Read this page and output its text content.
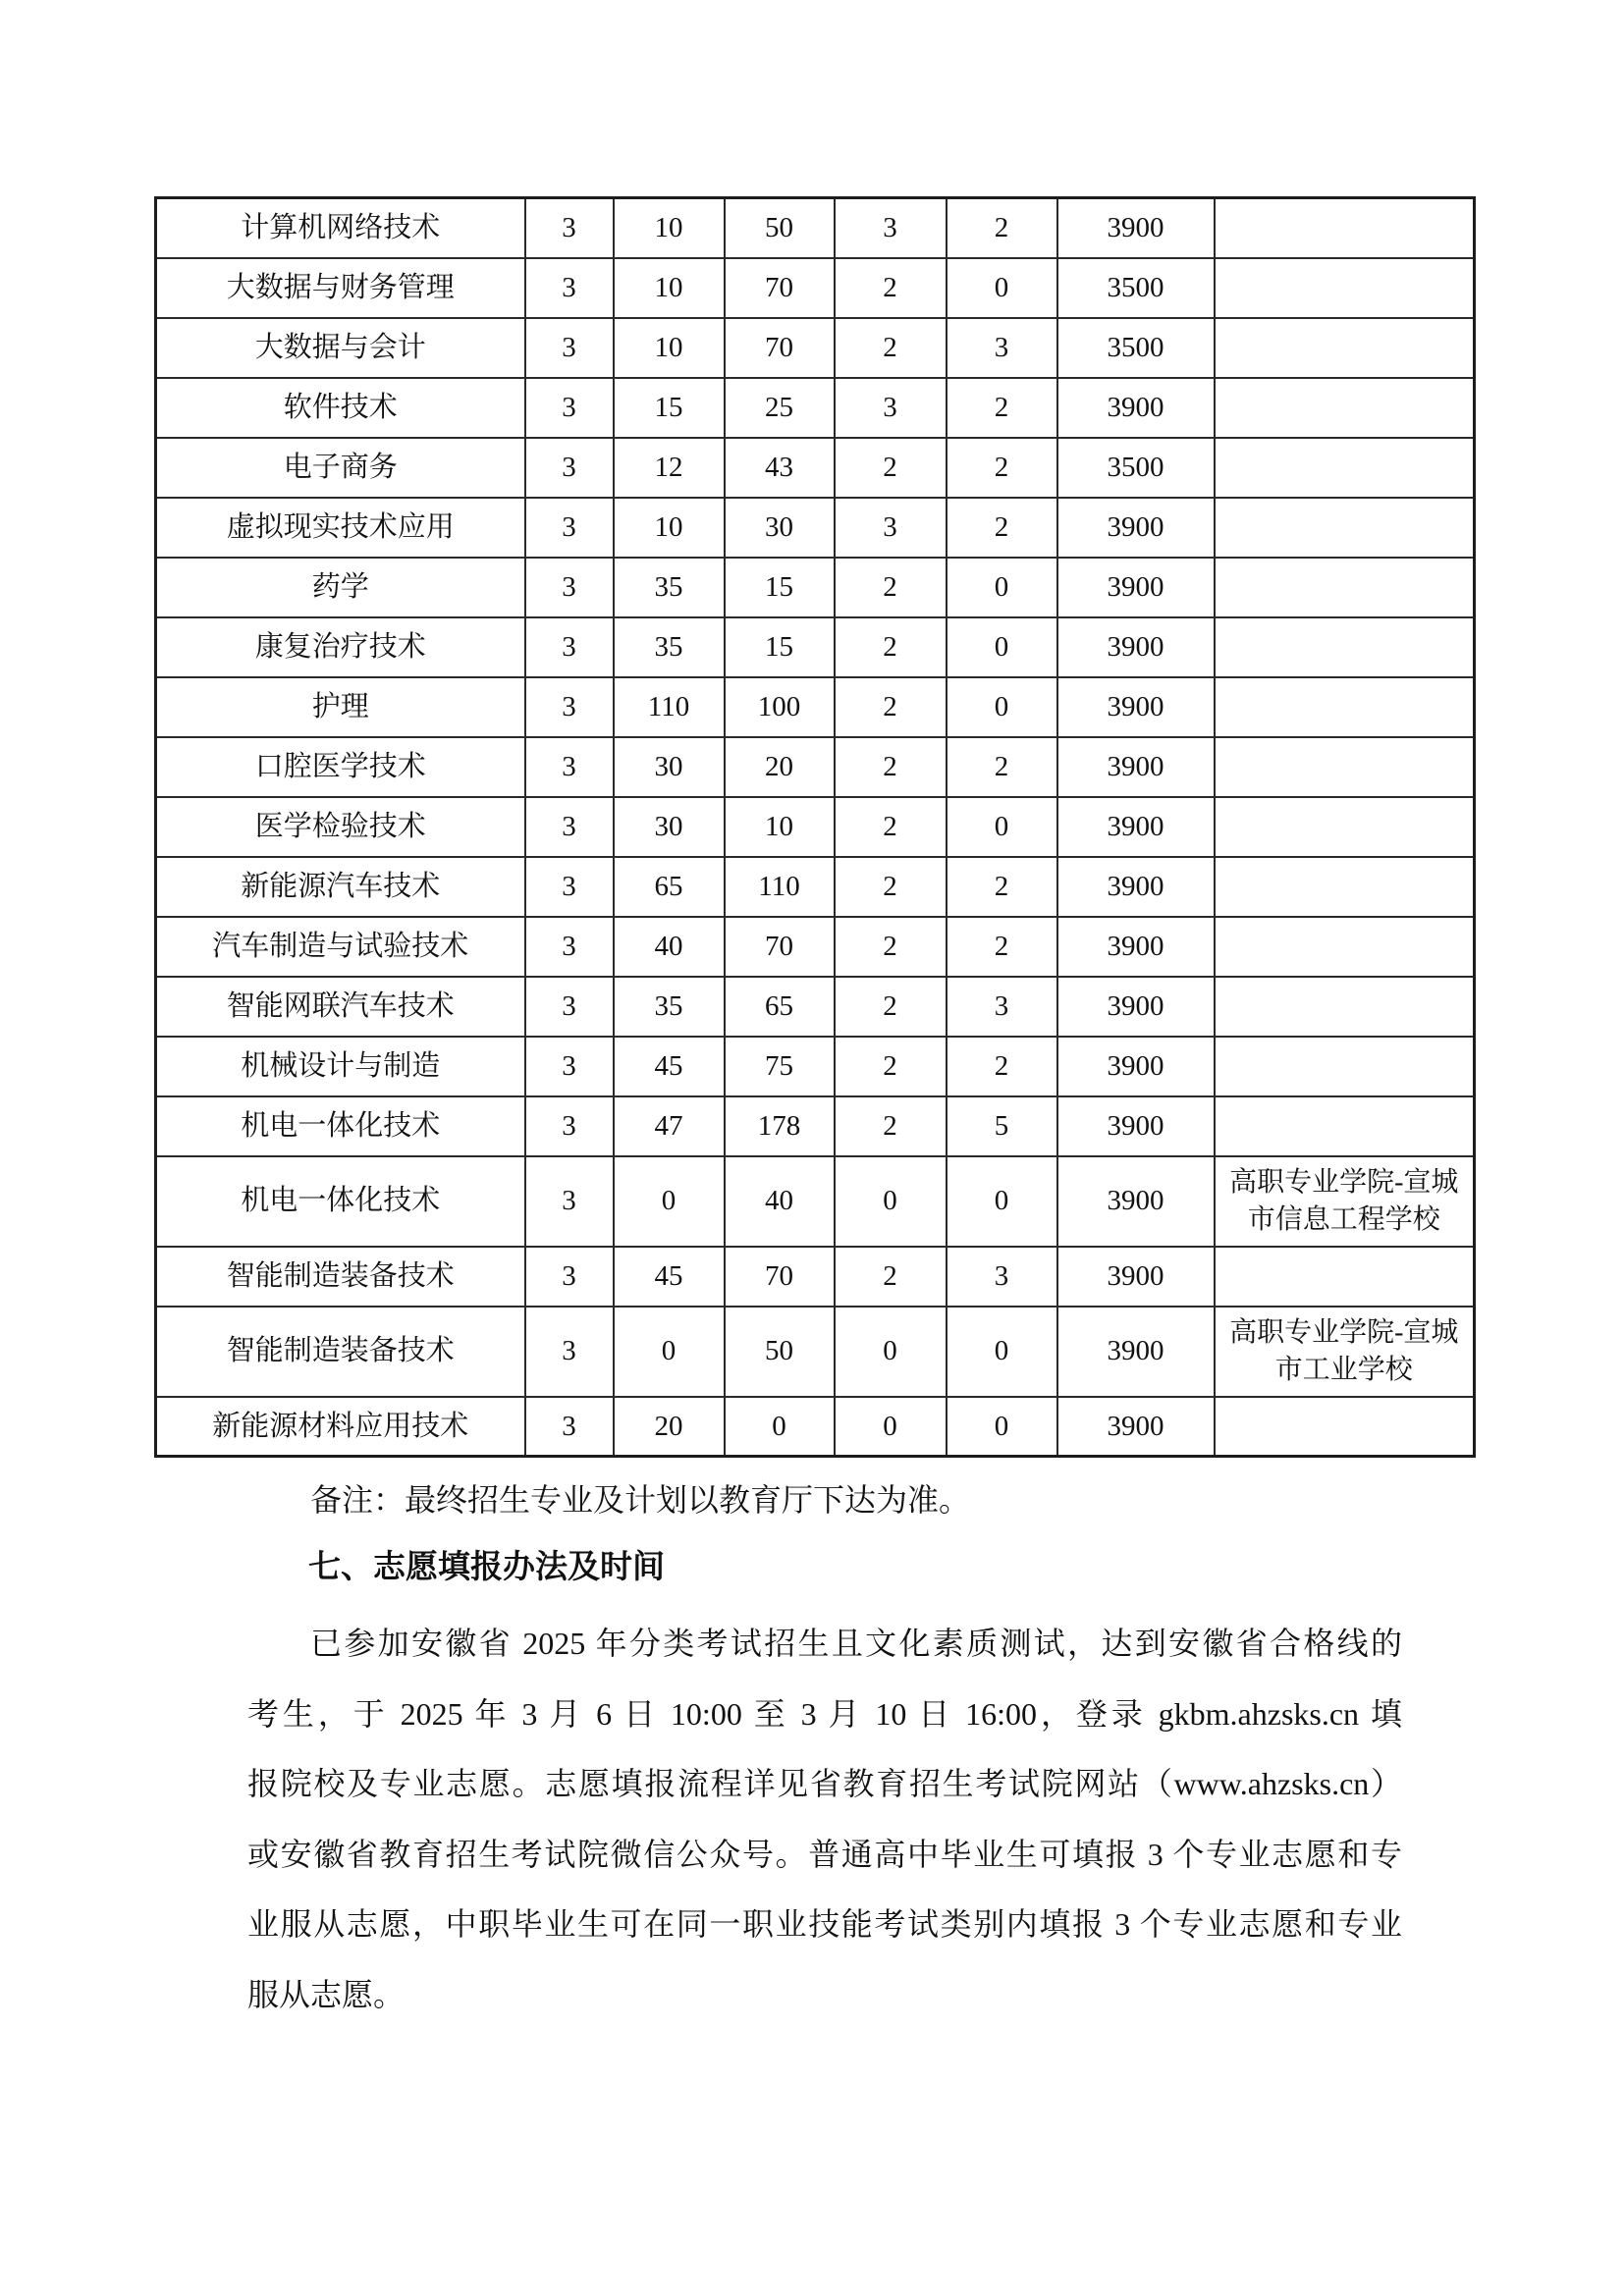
计算机网络技术	3	10	50	3	2	3900	
大数据与财务管理	3	10	70	2	0	3500	
大数据与会计	3	10	70	2	3	3500	
软件技术	3	15	25	3	2	3900	
电子商务	3	12	43	2	2	3500	
虚拟现实技术应用	3	10	30	3	2	3900	
药学	3	35	15	2	0	3900	
康复治疗技术	3	35	15	2	0	3900	
护理	3	110	100	2	0	3900	
口腔医学技术	3	30	20	2	2	3900	
医学检验技术	3	30	10	2	0	3900	
新能源汽车技术	3	65	110	2	2	3900	
汽车制造与试验技术	3	40	70	2	2	3900	
智能网联汽车技术	3	35	65	2	3	3900	
机械设计与制造	3	45	75	2	2	3900	
机电一体化技术	3	47	178	2	5	3900	
机电一体化技术	3	0	40	0	0	3900	高职专业学院-宣城市信息工程学校
智能制造装备技术	3	45	70	2	3	3900	
智能制造装备技术	3	0	50	0	0	3900	高职专业学院-宣城市工业学校
新能源材料应用技术	3	20	0	0	0	3900	
备注：最终招生专业及计划以教育厅下达为准。
七、志愿填报办法及时间
已参加安徽省 2025 年分类考试招生且文化素质测试，达到安徽省合格线的
考生，于 2025 年 3 月 6 日 10:00 至 3 月 10 日 16:00，登录 gkbm.ahzsks.cn 填
报院校及专业志愿。志愿填报流程详见省教育招生考试院网站（www.ahzsks.cn）
或安徽省教育招生考试院微信公众号。普通高中毕业生可填报 3 个专业志愿和专
业服从志愿，中职毕业生可在同一职业技能考试类别内填报 3 个专业志愿和专业
服从志愿。
